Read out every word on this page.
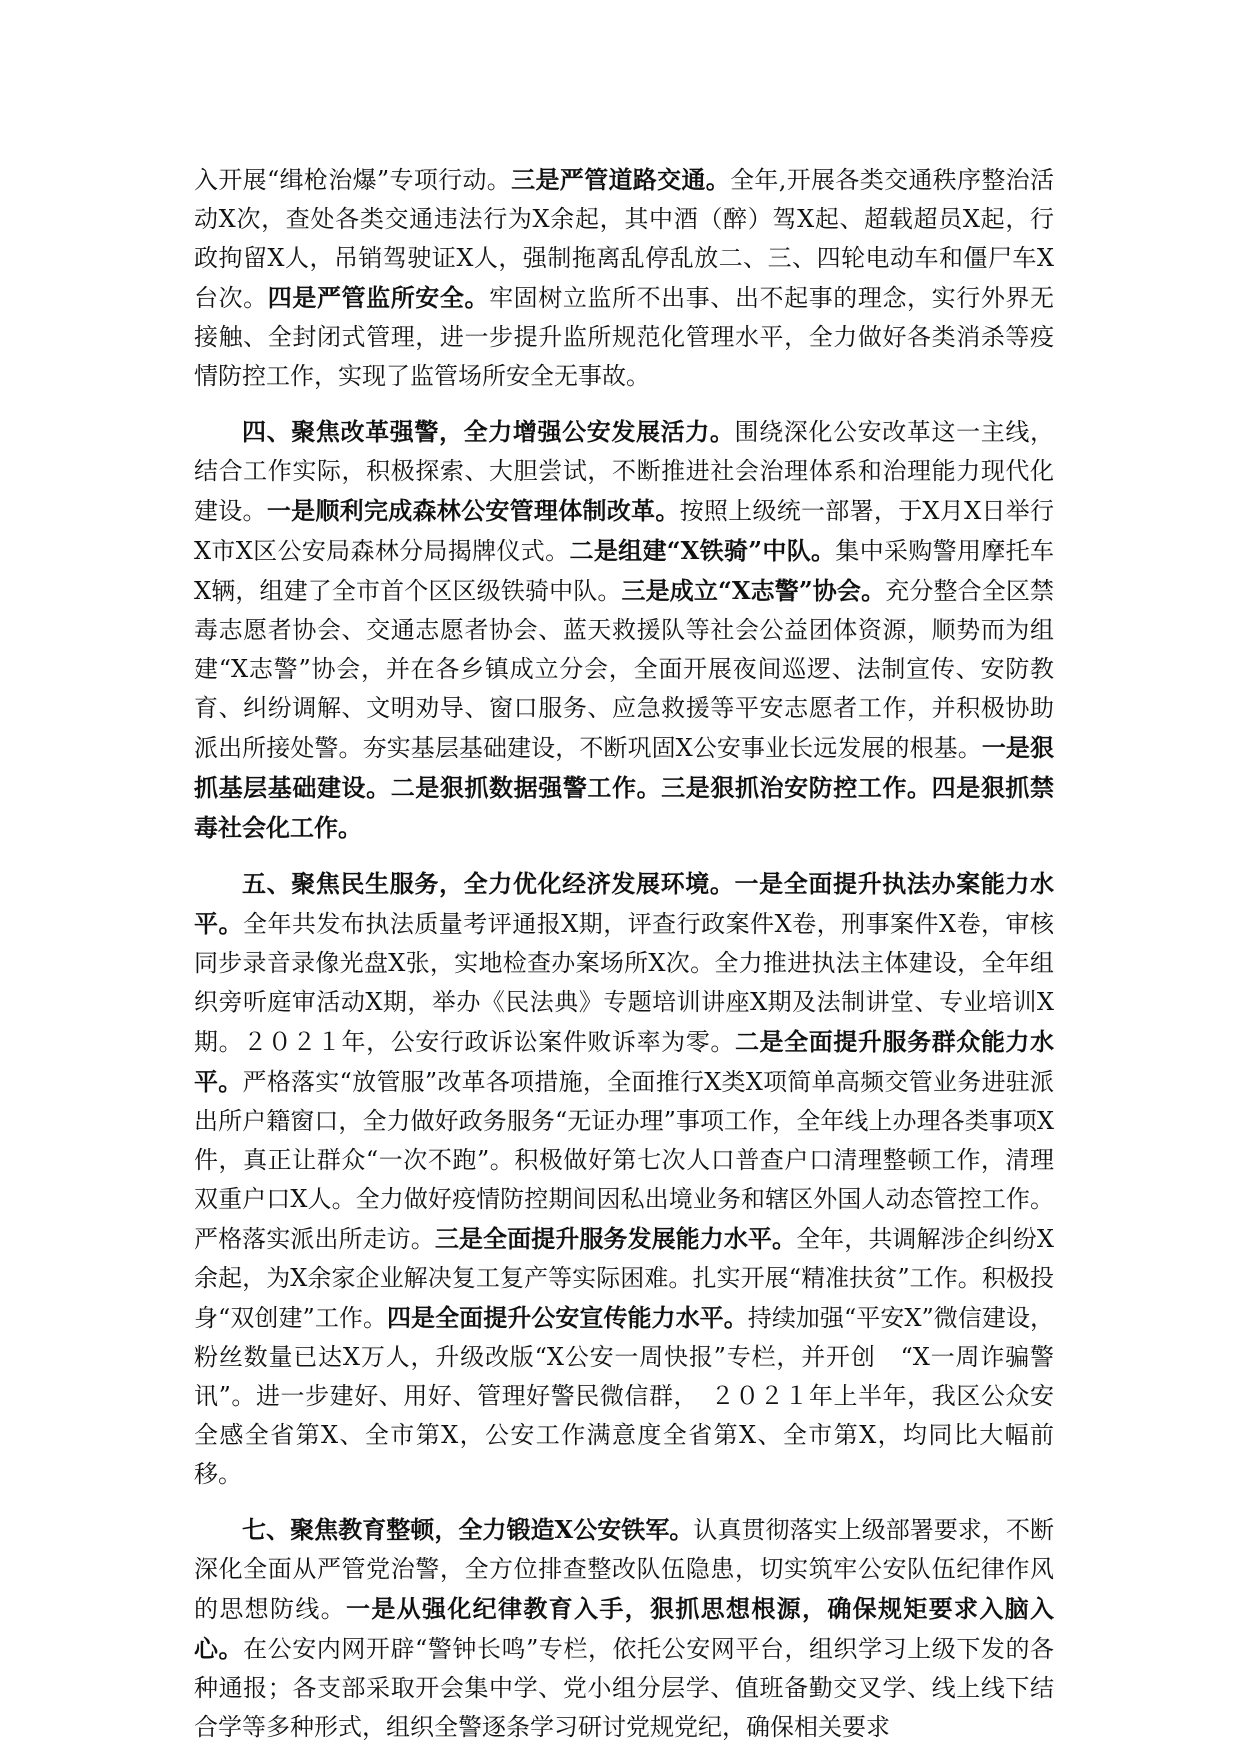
入开展“缉枪治爆”专项行动。三是严管道路交通。全年,开展各类交通秩序整治活动X次，查处各类交通违法行为X余起，其中酒（醉）驾X起、超载超员X起，行政拘留X人，吊销驾驶证X人，强制拖离乱停乱放二、三、四轮电动车和僵尸车X台次。四是严管监所安全。牢固树立监所不出事、出不起事的理念，实行外界无接触、全封闭式管理，进一步提升监所规范化管理水平，全力做好各类消杀等疫情防控工作，实现了监管场所安全无事故。

四、聚焦改革强警，全力增强公安发展活力。围绕深化公安改革这一主线，结合工作实际，积极探索、大胆尝试，不断推进社会治理体系和治理能力现代化建设。一是顺利完成森林公安管理体制改革。按照上级统一部署，于X月X日举行X市X区公安局森林分局揭牌仪式。二是组建“X铁骑”中队。集中采购警用摩托车X辆，组建了全市首个区区级铁骑中队。三是成立“X志警”协会。充分整合全区禁毒志愿者协会、交通志愿者协会、蓝天救援队等社会公益团体资源，顺势而为组建“X志警”协会，并在各乡镇成立分会，全面开展夜间巡逻、法制宣传、安防教育、纠纷调解、文明劝导、窗口服务、应急救援等平安志愿者工作，并积极协助派出所接处警。夯实基层基础建设，不断巩固X公安事业长远发展的根基。一是狠抓基层基础建设。二是狠抓数据强警工作。三是狠抓治安防控工作。四是狠抓禁毒社会化工作。

五、聚焦民生服务，全力优化经济发展环境。一是全面提升执法办案能力水平。全年共发布执法质量考评通报X期，评查行政案件X卷，刑事案件X卷，审核同步录音录像光盘X张，实地检查办案场所X次。全力推进执法主体建设，全年组织旁听庭审活动X期，举办《民法典》专题培训讲座X期及法制讲堂、专业培训X期。２０２１年，公安行政诉讼案件败诉率为零。二是全面提升服务群众能力水平。严格落实“放管服”改革各项措施，全面推行X类X项简单高频交管业务进驻派出所户籍窗口，全力做好政务服务“无证办理”事项工作，全年线上办理各类事项X件，真正让群众“一次不跑”。积极做好第七次人口普查户口清理整顿工作，清理双重户口X人。全力做好疫情防控期间因私出境业务和辖区外国人动态管控工作。严格落实派出所走访。三是全面提升服务发展能力水平。全年，共调解涉企纠纷X余起，为X余家企业解决复工复产等实际困难。扎实开展“精准扶贫”工作。积极投身“双创建”工作。四是全面提升公安宣传能力水平。持续加强“平安X”微信建设，粉丝数量已达X万人，升级改版“X公安一周快报”专栏，并开创　“X一周诈骗警讯”。进一步建好、用好、管理好警民微信群，　２０２１年上半年，我区公众安全感全省第X、全市第X，公安工作满意度全省第X、全市第X，均同比大幅前移。

七、聚焦教育整顿，全力锻造X公安铁军。认真贯彻落实上级部署要求，不断深化全面从严管党治警，全方位排查整改队伍隐患，切实筑牢公安队伍纪律作风的思想防线。一是从强化纪律教育入手，狠抓思想根源，确保规矩要求入脑入心。在公安内网开辟“警钟长鸣”专栏，依托公安网平台，组织学习上级下发的各种通报；各支部采取开会集中学、党小组分层学、值班备勤交叉学、线上线下结合学等多种形式，组织全警逐条学习研讨党规党纪，确保相关要求
